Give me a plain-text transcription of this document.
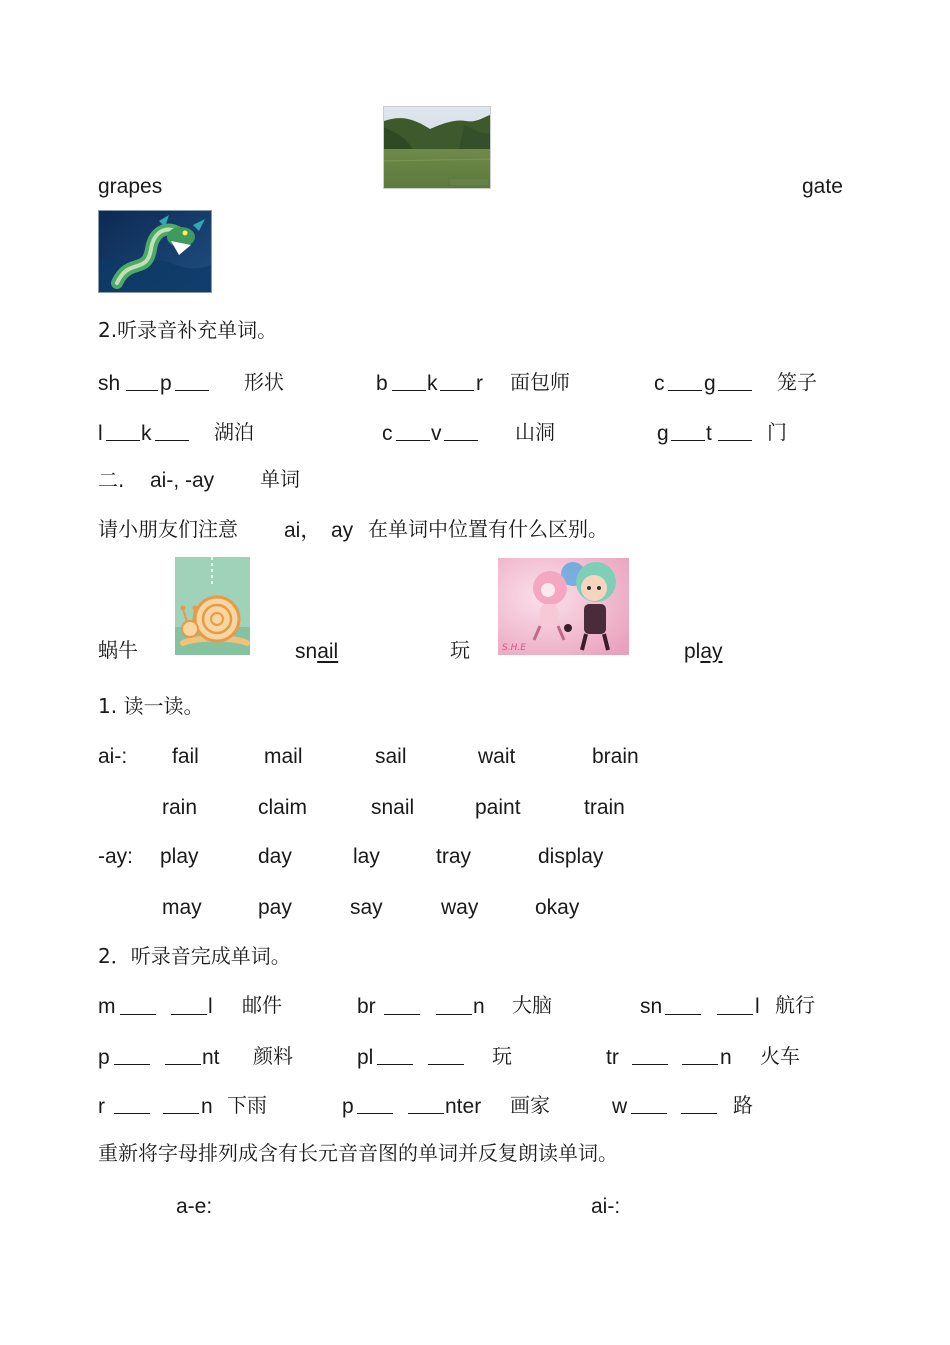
grapes	gate
2.听录音补充单词。
sh p	形状	b k r 面包师	c g	笼子
l k	湖泊	c v	山洞	g t	门
二. ai-, -ay 单词
请小朋友们注意 ai， ay 在单词中位置有什么区别。
蜗牛	snail	玩	S.H.E	play
1. 读一读。
ai-: fail	mail	sail	wait	brain
rain	claim	snail	paint	train
-ay: play	day	lay	tray	display
may	pay	say	way	okay
2．听录音完成单词。
m	l 邮件	br	n 大脑	sn	l 航行
p	nt 颜料	pl	玩	tr	n 火车
r	n 下雨	p	nter 画家	w	路
重新将字母排列成含有长元音音图的单词并反复朗读单词。
a-e:	ai-:
